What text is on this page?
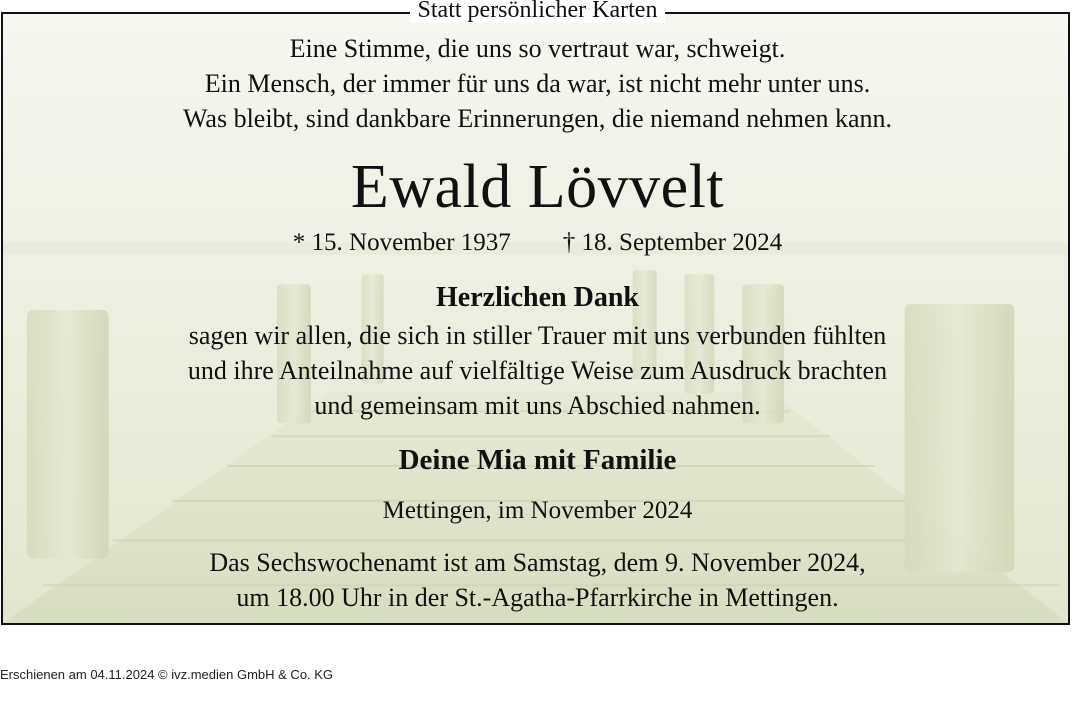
Statt persönlicher Karten
Eine Stimme, die uns so vertraut war, schweigt.
Ein Mensch, der immer für uns da war, ist nicht mehr unter uns.
Was bleibt, sind dankbare Erinnerungen, die niemand nehmen kann.
Ewald Lövvelt
* 15. November 1937 † 18. September 2024
Herzlichen Dank
sagen wir allen, die sich in stiller Trauer mit uns verbunden fühlten
und ihre Anteilnahme auf vielfältige Weise zum Ausdruck brachten
und gemeinsam mit uns Abschied nahmen.
Deine Mia mit Familie
Mettingen, im November 2024
Das Sechswochenamt ist am Samstag, dem 9. November 2024,
um 18.00 Uhr in der St.-Agatha-Pfarrkirche in Mettingen.
Erschienen am 04.11.2024 © ivz.medien GmbH & Co. KG
